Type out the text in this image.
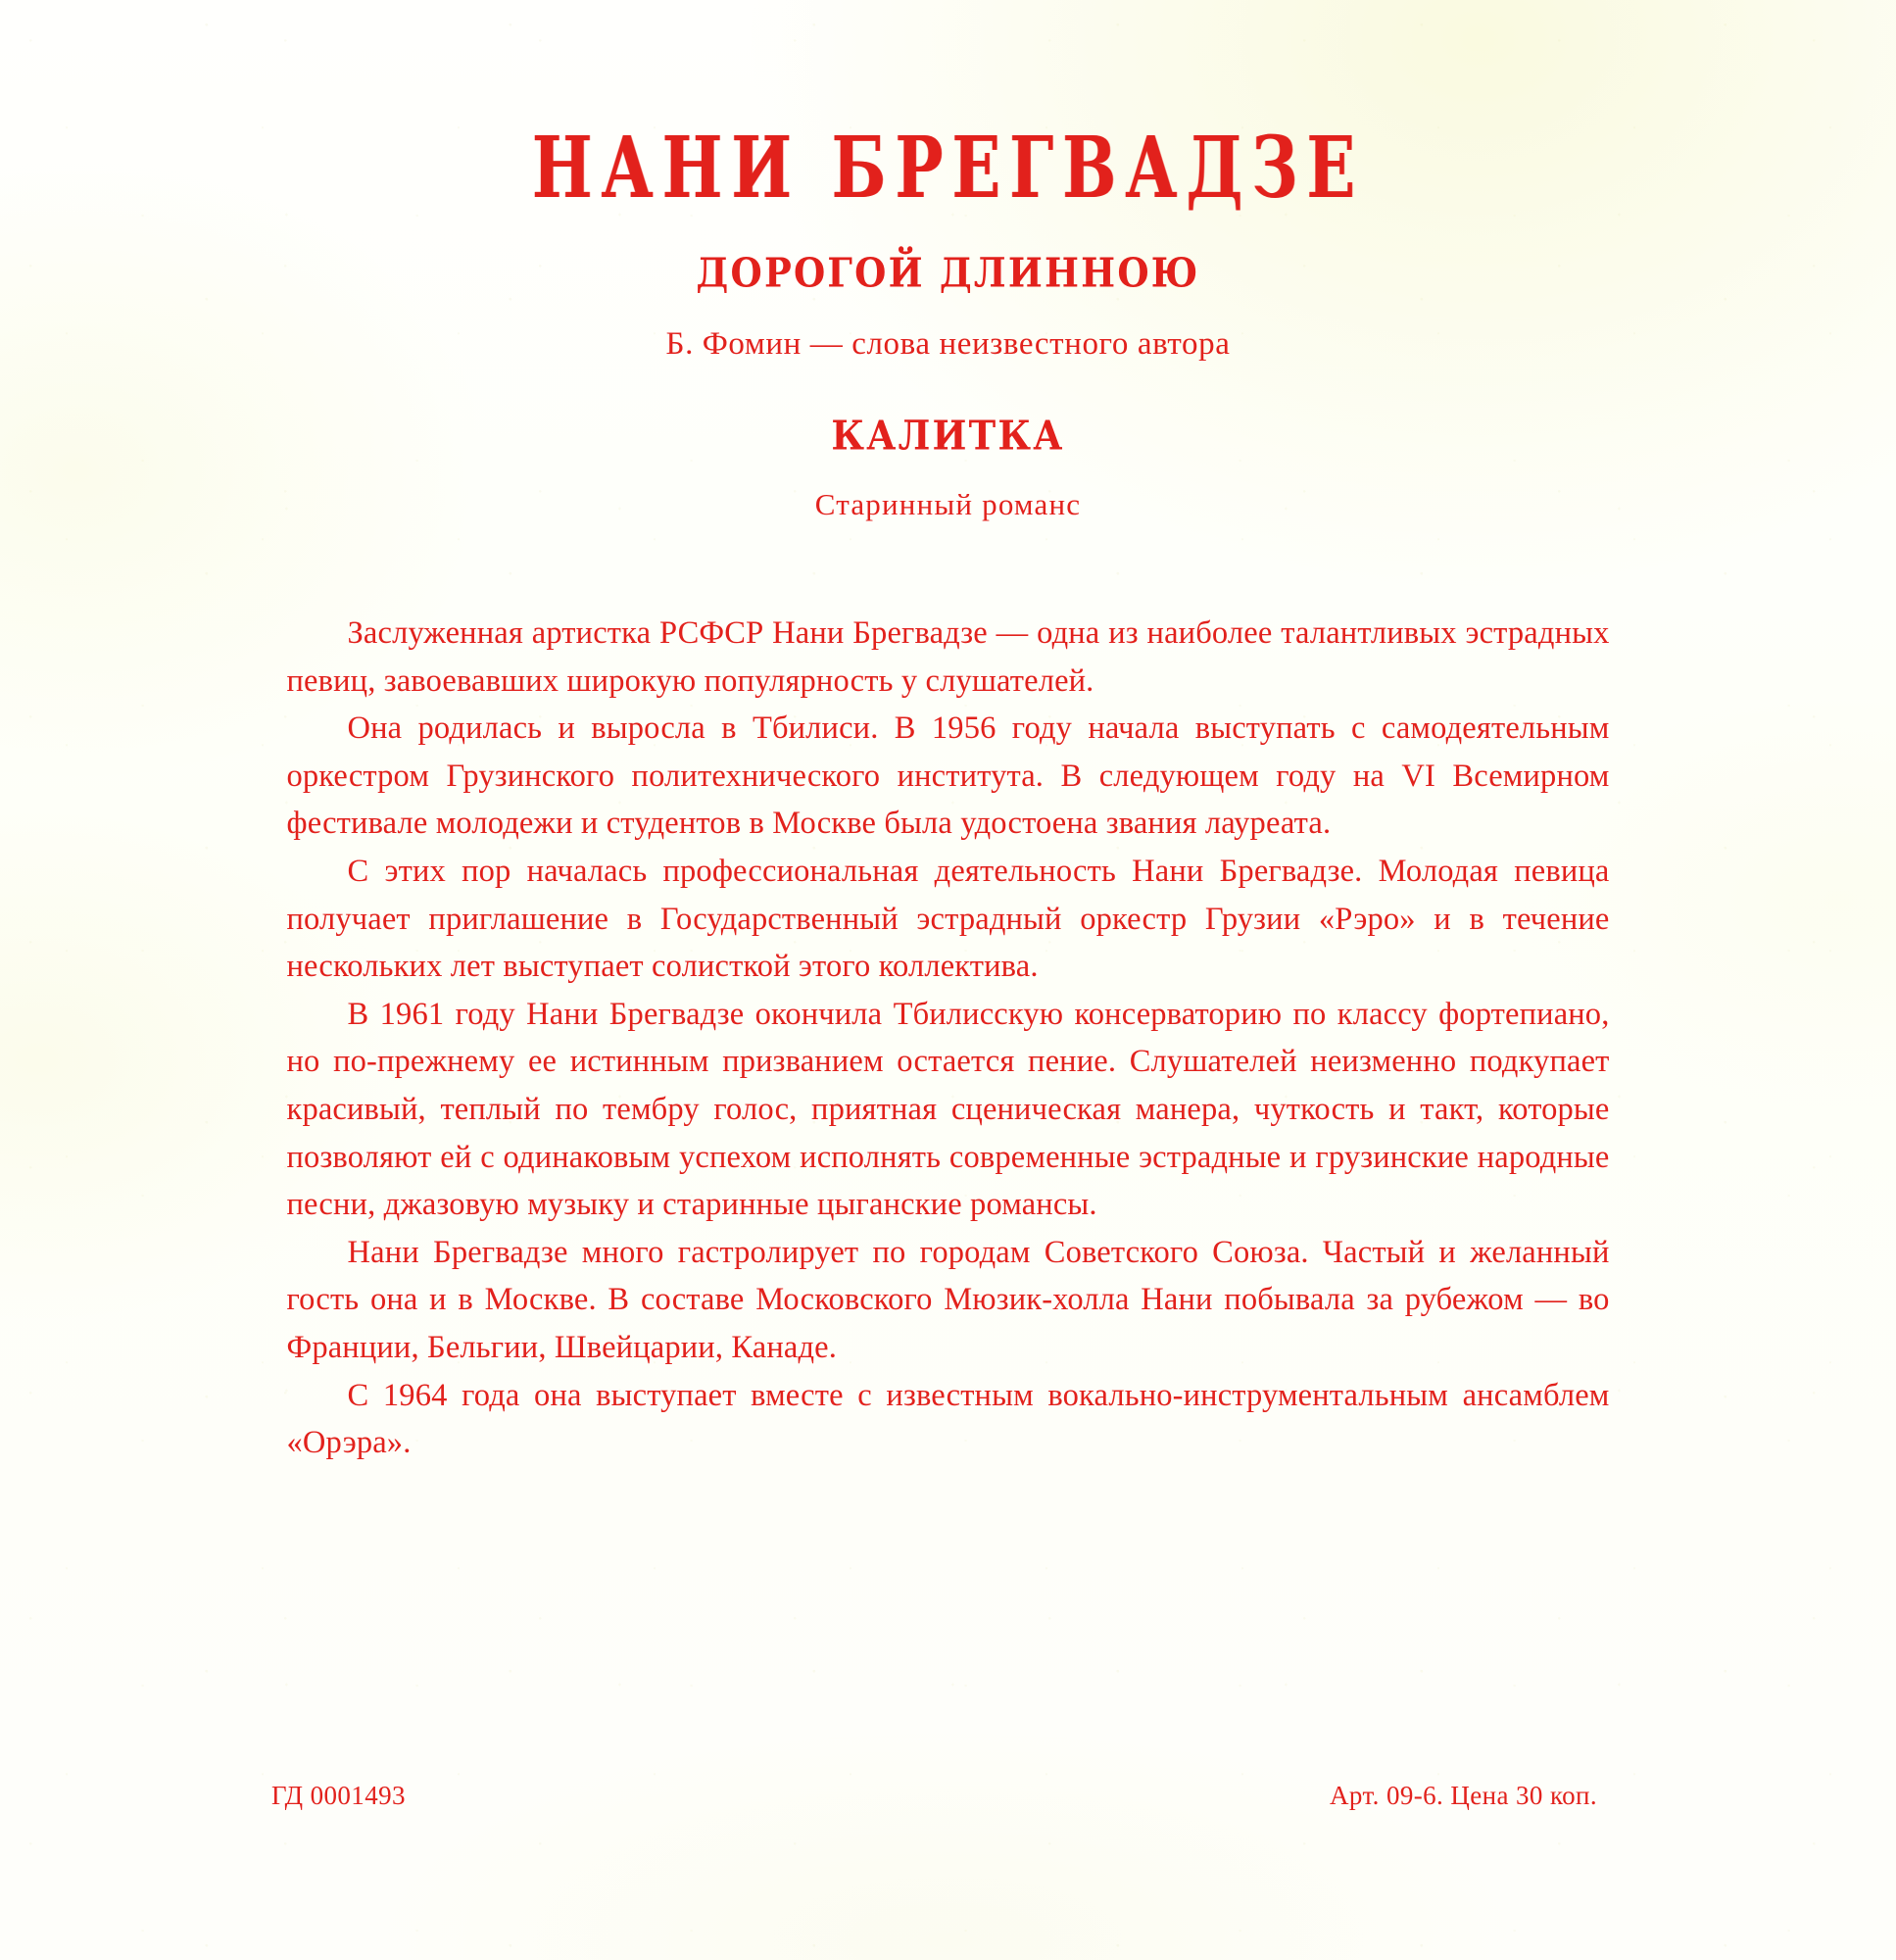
НАНИ БРЕГВАДЗЕ
ДОРОГОЙ ДЛИННОЮ

Б. Фомин — слова неизвестного автора

КАЛИТКА

Старинный романс

Заслуженная артистка РСФСР Нани Брегвадзе — одна из наиболее талантливых эстрадных певиц, завоевавших широкую популярность у слушателей.

Она родилась и выросла в Тбилиси. В 1956 году начала выступать с самодеятельным оркестром Грузинского политехнического института. В следующем году на VI Всемирном фестивале молодежи и студентов в Москве была удостоена звания лауреата.

С этих пор началась профессиональная деятельность Нани Брегвадзе. Молодая певица получает приглашение в Государственный эстрадный оркестр Грузии «Рэро» и в течение нескольких лет выступает солисткой этого коллектива.

В 1961 году Нани Брегвадзе окончила Тбилисскую консерваторию по классу фортепиано, но по-прежнему ее истинным призванием остается пение. Слушателей неизменно подкупает красивый, теплый по тембру голос, приятная сценическая манера, чуткость и такт, которые позволяют ей с одинаковым успехом исполнять современные эстрадные и грузинские народные песни, джазовую музыку и старинные цыганские романсы.

Нани Брегвадзе много гастролирует по городам Советского Союза. Частый и желанный гость она и в Москве. В составе Московского Мюзик-холла Нани побывала за рубежом — во Франции, Бельгии, Швейцарии, Канаде.

С 1964 года она выступает вместе с известным вокально-инструментальным ансамблем «Орэра».

ГД 0001493	Арт. 09-6. Цена 30 коп.
